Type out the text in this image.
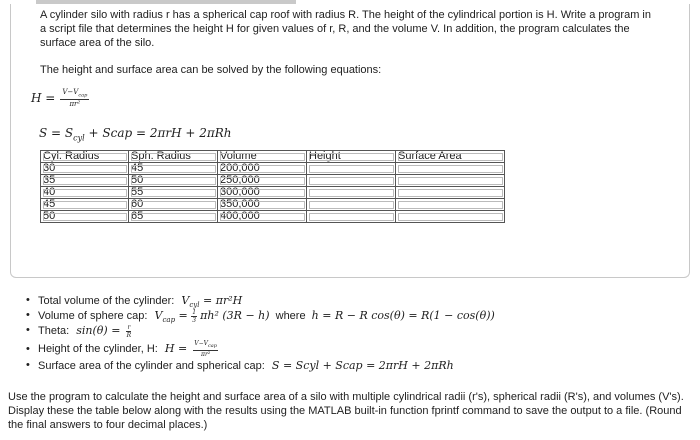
A cylinder silo with radius r has a spherical cap roof with radius R. The height of the cylindrical portion is H. Write a program in a script file that determines the height H for given values of r, R, and the volume V. In addition, the program calculates the surface area of the silo.

The height and surface area can be solved by the following equations:

$H = \frac{V-V_{cap}}{\text{πr²}}$
$S = S_{cyl}$ + Scap = 2πrH + 2πRh
Cyl. Radius	Sph. Radius	Volume	Height	Surface Area
30	45	200,000		
35	50	250,000		
40	55	300,000		
45	60	350,000		
50	65	400,000		
• Total volume of the cylinder: $V_{cyl} = \pi r^2H$
• Volume of sphere cap: $V_{cap} = \frac{1}{3} \pi h^2$ (3R − h) where h = R − R cos(θ) = R(1 − cos(θ))
• Theta: $\sin(\theta) = \frac{r}{R}$
• Height of the cylinder, H: $H = V-V_{cap}$
πr²
• Surface area of the cylinder and spherical cap: S = Scyl + Scap = 2πrH + 2πRh

Use the program to calculate the height and surface area of a silo with multiple cylindrical radii (r's), spherical radii (R's), and volumes (V's). Display these the table below along with the results using the MATLAB built-in function fprintf command to save the output to a file. (Round the final answers to four decimal places.)
